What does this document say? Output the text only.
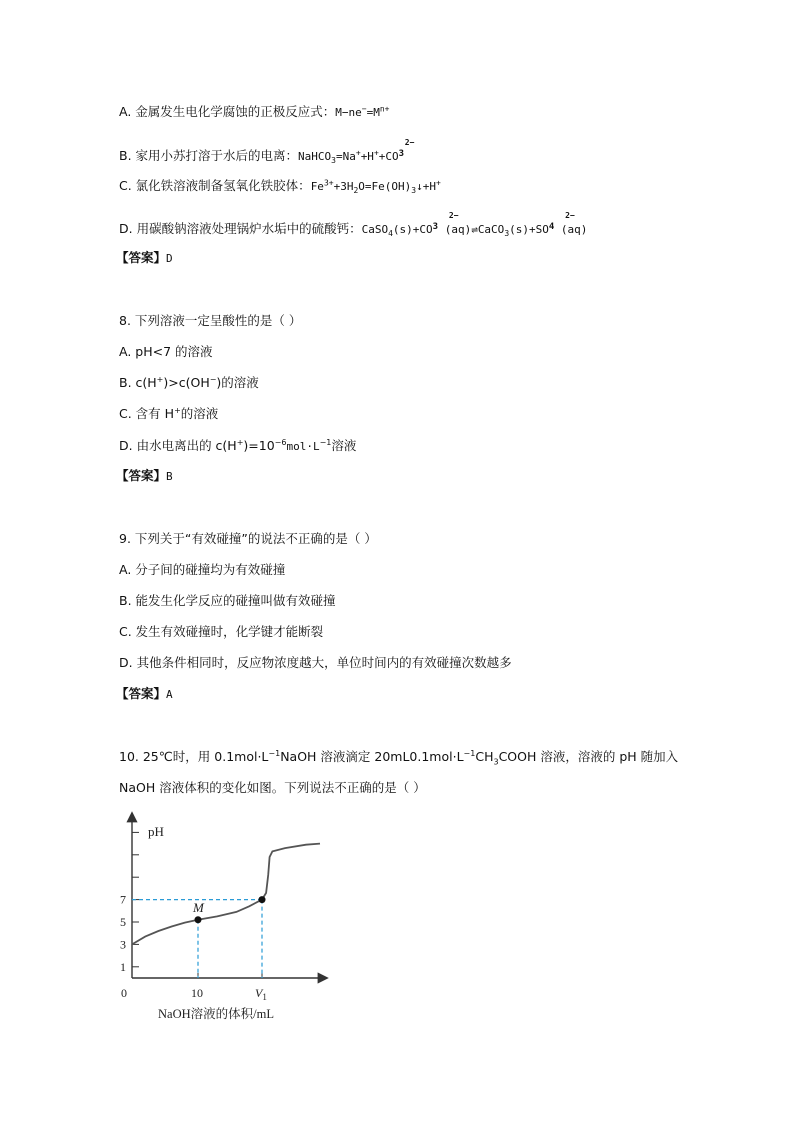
A. 金属发生电化学腐蚀的正极反应式：$M-ne^-=M^{n+}$
B. 家用小苏打溶于水后的电离：NaHCO$_3$=Na++H++CO
2−
$^3$
C. 氯化铁溶液制备氢氧化铁胶体：$Fe^{3+}+3H_2O=Fe(OH)_3↓+H^+$
D. 用碳酸钠溶液处理锅炉水垢中的硫酸钙：CaSO$_4$(s)+CO
2−
$^3$ (aq)⇌CaCO$_3$(s)+SO
2−
$^4$ (aq)
【答案】D
8. 下列溶液一定呈酸性的是（ ）
A. pH<7 的溶液
B. c(H+)>c(OH−)的溶液
C. 含有 H+的溶液
D. 由水电离出的 $c(H^+)=10^{-6}mol\cdot L^{-1}$溶液
【答案】B
9. 下列关于“有效碰撞”的说法不正确的是（ ）
A. 分子间的碰撞均为有效碰撞
B. 能发生化学反应的碰撞叫做有效碰撞
C. 发生有效碰撞时，化学键才能断裂
D. 其他条件相同时，反应物浓度越大，单位时间内的有效碰撞次数越多
【答案】A
10. 25℃时，用 $0.1mol\cdot L^{-1}NaOH$ 溶液滴定 $20mL0.1mol\cdot L^{-1}CH_3COOH$ 溶液，溶液的 pH 随加入
NaOH 溶液体积的变化如图。下列说法不正确的是（ ）
pH
0
NaOH溶液的体积/mL
1
3
5
7
10	$V_1$
M
